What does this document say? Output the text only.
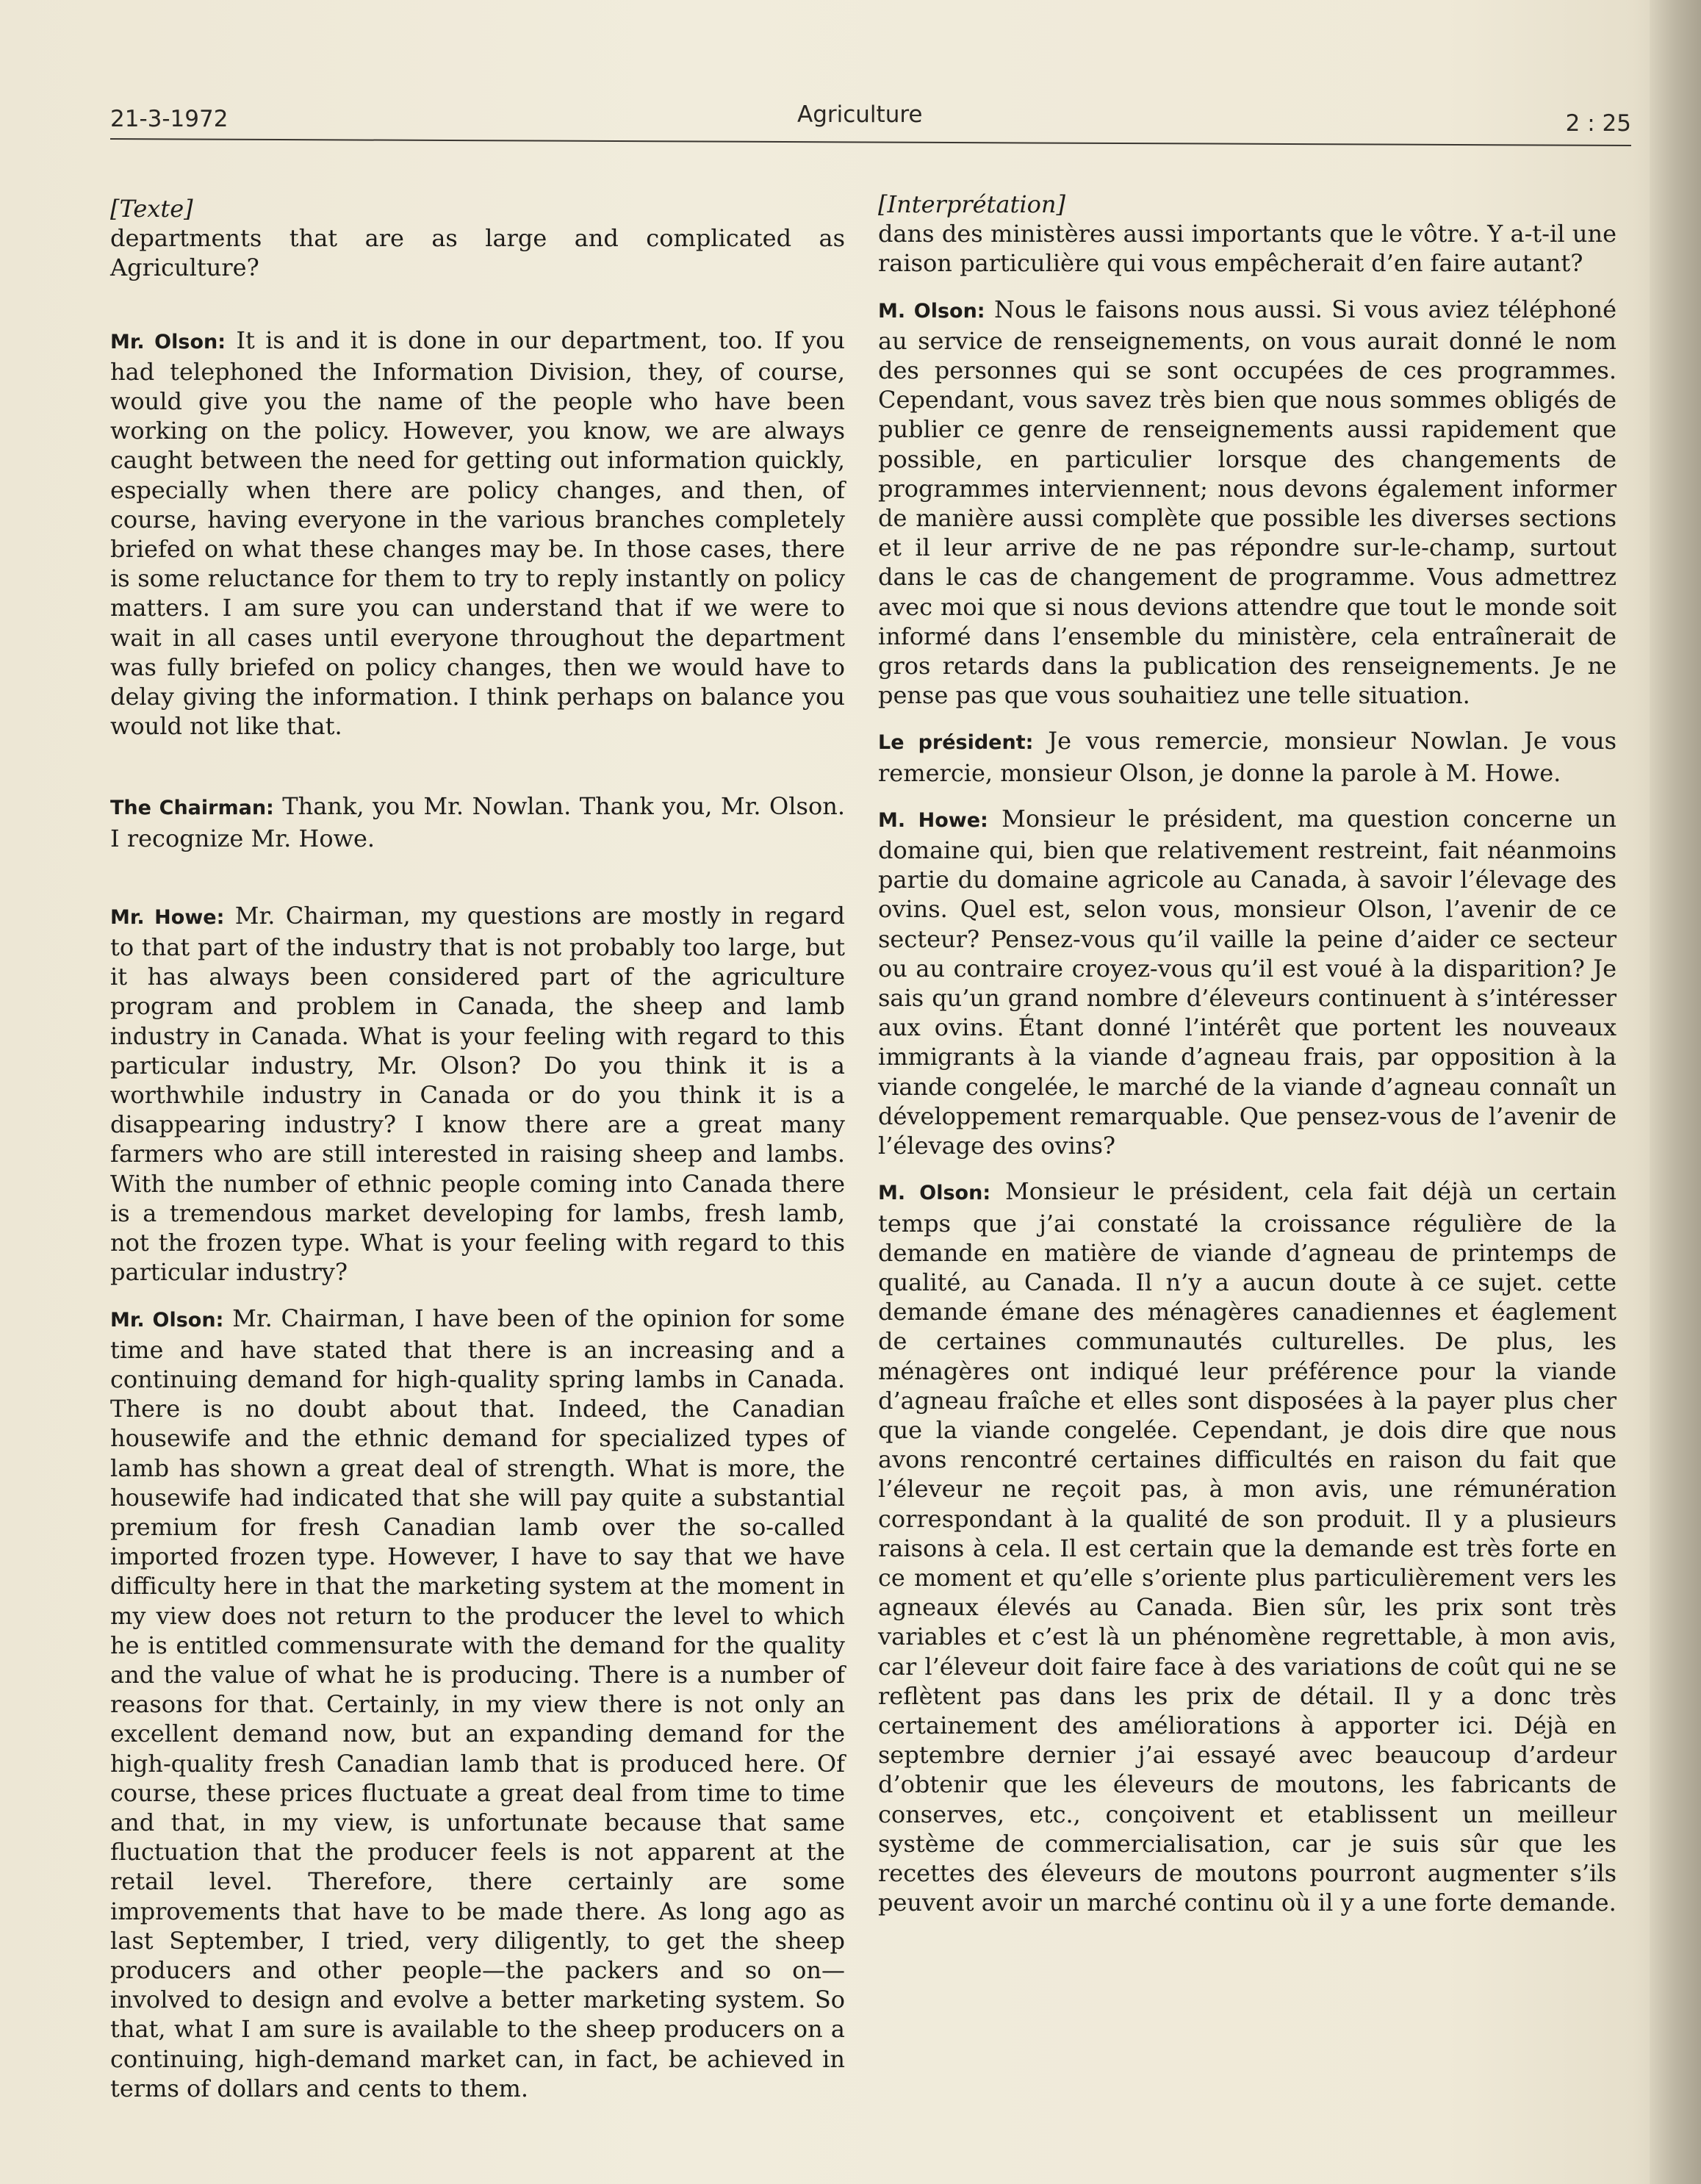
21-3-1972	Agriculture	2 : 25

[Texte]

departments that are as large and complicated as Agriculture?

Mr. Olson: It is and it is done in our department, too. If you had telephoned the Information Division, they, of course, would give you the name of the people who have been working on the policy. However, you know, we are always caught between the need for getting out information quickly, especially when there are policy changes, and then, of course, having everyone in the various branches completely briefed on what these changes may be. In those cases, there is some reluctance for them to try to reply instantly on policy matters. I am sure you can understand that if we were to wait in all cases until everyone throughout the department was fully briefed on policy changes, then we would have to delay giving the information. I think perhaps on balance you would not like that.

The Chairman: Thank, you Mr. Nowlan. Thank you, Mr. Olson. I recognize Mr. Howe.

Mr. Howe: Mr. Chairman, my questions are mostly in regard to that part of the industry that is not probably too large, but it has always been considered part of the agriculture program and problem in Canada, the sheep and lamb industry in Canada. What is your feeling with regard to this particular industry, Mr. Olson? Do you think it is a worthwhile industry in Canada or do you think it is a disappearing industry? I know there are a great many farmers who are still interested in raising sheep and lambs. With the number of ethnic people coming into Canada there is a tremendous market developing for lambs, fresh lamb, not the frozen type. What is your feeling with regard to this particular industry?

Mr. Olson: Mr. Chairman, I have been of the opinion for some time and have stated that there is an increasing and a continuing demand for high-quality spring lambs in Canada. There is no doubt about that. Indeed, the Canadian housewife and the ethnic demand for specialized types of lamb has shown a great deal of strength. What is more, the housewife had indicated that she will pay quite a substantial premium for fresh Canadian lamb over the so-called imported frozen type. However, I have to say that we have difficulty here in that the marketing system at the moment in my view does not return to the producer the level to which he is entitled commensurate with the demand for the quality and the value of what he is producing. There is a number of reasons for that. Certainly, in my view there is not only an excellent demand now, but an expanding demand for the high-quality fresh Canadian lamb that is produced here. Of course, these prices fluctuate a great deal from time to time and that, in my view, is unfortunate because that same fluctuation that the producer feels is not apparent at the retail level. Therefore, there certainly are some improvements that have to be made there. As long ago as last September, I tried, very diligently, to get the sheep producers and other people—the packers and so on—involved to design and evolve a better marketing system. So that, what I am sure is available to the sheep producers on a continuing, high-demand market can, in fact, be achieved in terms of dollars and cents to them.

[Interprétation]

dans des ministères aussi importants que le vôtre. Y a-t-il une raison particulière qui vous empêcherait d’en faire autant?

M. Olson: Nous le faisons nous aussi. Si vous aviez téléphoné au service de renseignements, on vous aurait donné le nom des personnes qui se sont occupées de ces programmes. Cependant, vous savez très bien que nous sommes obligés de publier ce genre de renseignements aussi rapidement que possible, en particulier lorsque des changements de programmes interviennent; nous devons également informer de manière aussi complète que possible les diverses sections et il leur arrive de ne pas répondre sur-le-champ, surtout dans le cas de changement de programme. Vous admettrez avec moi que si nous devions attendre que tout le monde soit informé dans l’ensemble du ministère, cela entraînerait de gros retards dans la publication des renseignements. Je ne pense pas que vous souhaitiez une telle situation.

Le président: Je vous remercie, monsieur Nowlan. Je vous remercie, monsieur Olson, je donne la parole à M. Howe.

M. Howe: Monsieur le président, ma question concerne un domaine qui, bien que relativement restreint, fait néanmoins partie du domaine agricole au Canada, à savoir l’élevage des ovins. Quel est, selon vous, monsieur Olson, l’avenir de ce secteur? Pensez-vous qu’il vaille la peine d’aider ce secteur ou au contraire croyez-vous qu’il est voué à la disparition? Je sais qu’un grand nombre d’éleveurs continuent à s’intéresser aux ovins. Étant donné l’intérêt que portent les nouveaux immigrants à la viande d’agneau frais, par opposition à la viande congelée, le marché de la viande d’agneau connaît un développement remarquable. Que pensez-vous de l’avenir de l’élevage des ovins?

M. Olson: Monsieur le président, cela fait déjà un certain temps que j’ai constaté la croissance régulière de la demande en matière de viande d’agneau de printemps de qualité, au Canada. Il n’y a aucun doute à ce sujet. cette demande émane des ménagères canadiennes et éaglement de certaines communautés culturelles. De plus, les ménagères ont indiqué leur préférence pour la viande d’agneau fraîche et elles sont disposées à la payer plus cher que la viande congelée. Cependant, je dois dire que nous avons rencontré certaines difficultés en raison du fait que l’éleveur ne reçoit pas, à mon avis, une rémunération correspondant à la qualité de son produit. Il y a plusieurs raisons à cela. Il est certain que la demande est très forte en ce moment et qu’elle s’oriente plus particulièrement vers les agneaux élevés au Canada. Bien sûr, les prix sont très variables et c’est là un phénomène regrettable, à mon avis, car l’éleveur doit faire face à des variations de coût qui ne se reflètent pas dans les prix de détail. Il y a donc très certainement des améliorations à apporter ici. Déjà en septembre dernier j’ai essayé avec beaucoup d’ardeur d’obtenir que les éleveurs de moutons, les fabricants de conserves, etc., conçoivent et etablissent un meilleur système de commercialisation, car je suis sûr que les recettes des éleveurs de moutons pourront augmenter s’ils peuvent avoir un marché continu où il y a une forte demande.
